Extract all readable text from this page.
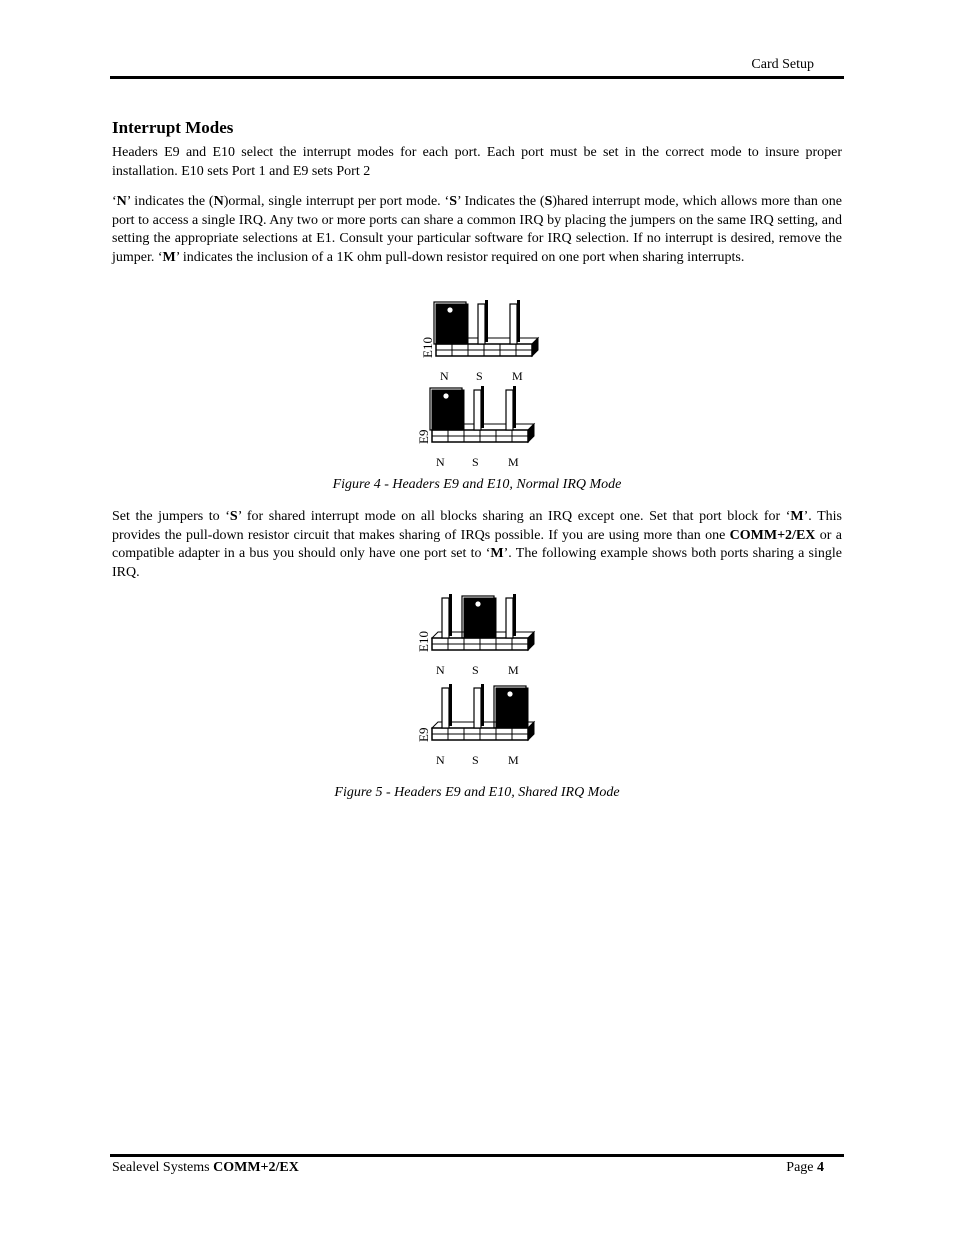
Card Setup
Interrupt Modes
Headers E9 and E10 select the interrupt modes for each port. Each port must be set in the correct mode to insure proper installation. E10 sets Port 1 and E9 sets Port 2
‘N’ indicates the (N)ormal, single interrupt per port mode. ‘S’ Indicates the (S)hared interrupt mode, which allows more than one port to access a single IRQ. Any two or more ports can share a common IRQ by placing the jumpers on the same IRQ setting, and setting the appropriate selections at E1. Consult your particular software for IRQ selection. If no interrupt is desired, remove the jumper. ‘M’ indicates the inclusion of a 1K ohm pull-down resistor required on one port when sharing interrupts.
E10
N S M
E9
N S M
Figure 4 - Headers E9 and E10, Normal IRQ Mode
Set the jumpers to ‘S’ for shared interrupt mode on all blocks sharing an IRQ except one. Set that port block for ‘M’. This provides the pull-down resistor circuit that makes sharing of IRQs possible. If you are using more than one COMM+2/EX or a compatible adapter in a bus you should only have one port set to ‘M’. The following example shows both ports sharing a single IRQ.
E10
N S M
E9
N S M
Figure 5 - Headers E9 and E10, Shared IRQ Mode
Sealevel Systems COMM+2/EX	Page 4
